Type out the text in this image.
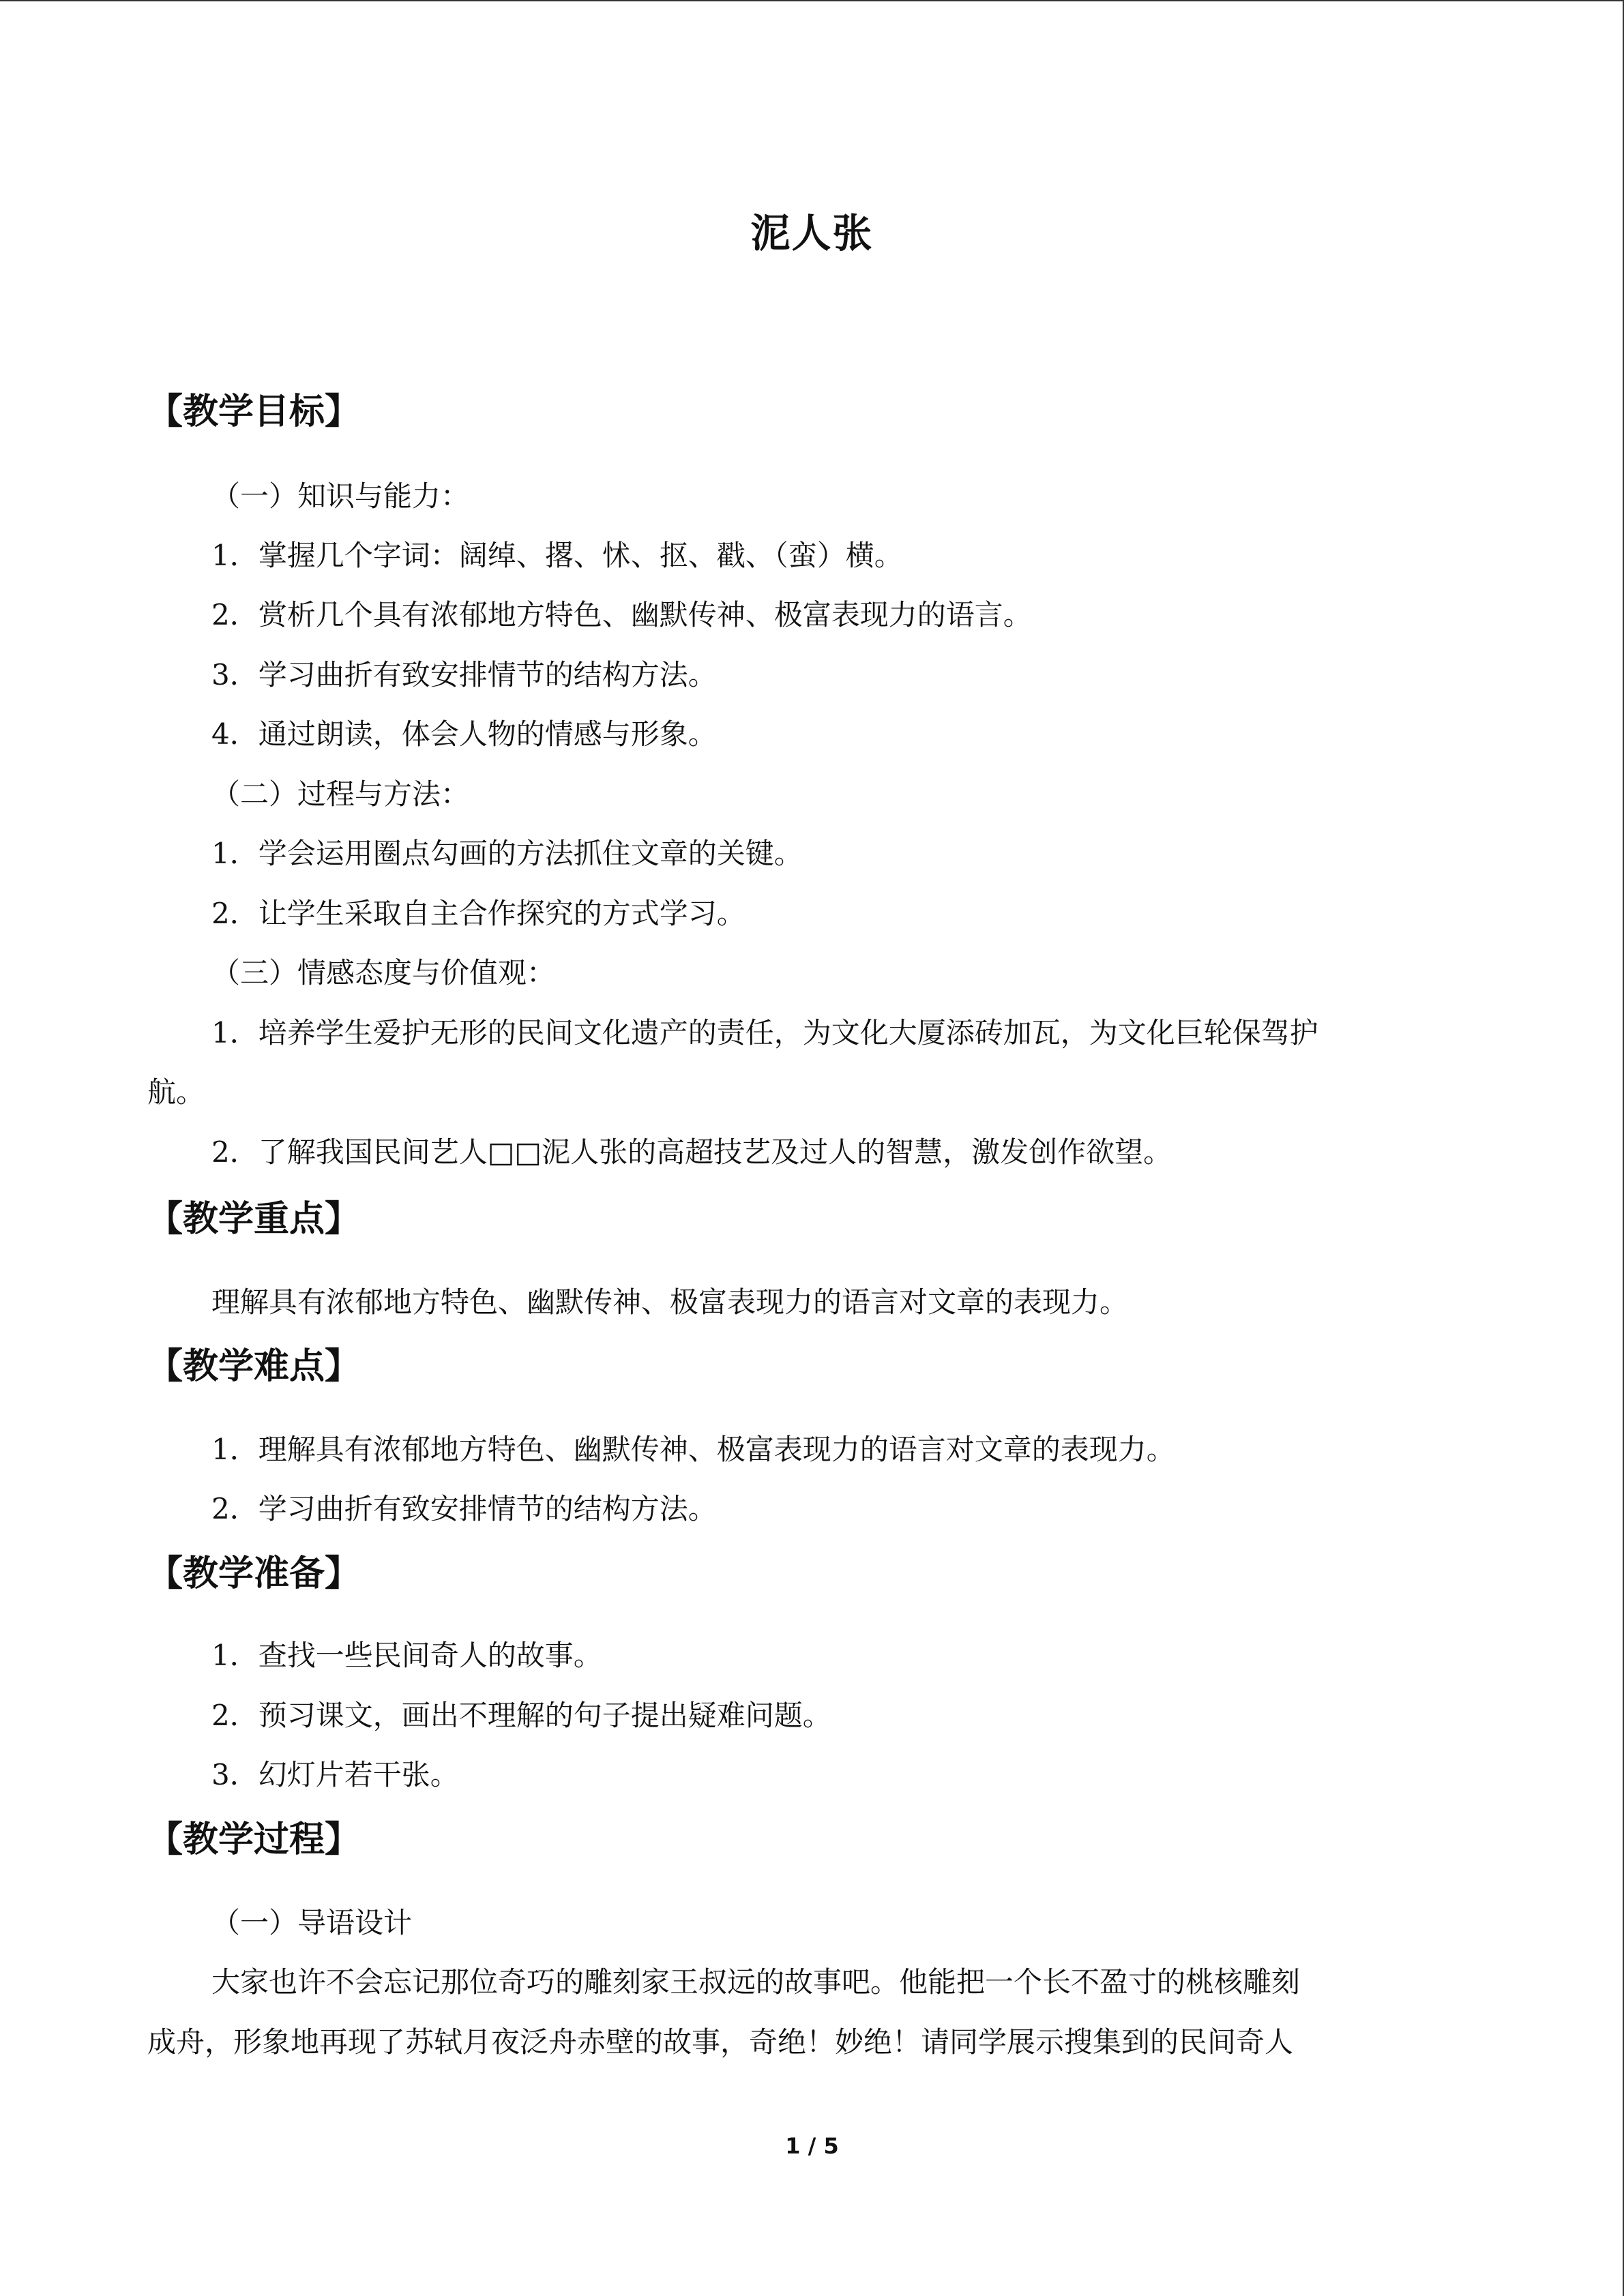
泥人张
【教学目标】
（一）知识与能力：
1．掌握几个字词：阔绰、撂、怵、抠、戳、（蛮）横。
2．赏析几个具有浓郁地方特色、幽默传神、极富表现力的语言。
3．学习曲折有致安排情节的结构方法。
4．通过朗读，体会人物的情感与形象。
（二）过程与方法：
1．学会运用圈点勾画的方法抓住文章的关键。
2．让学生采取自主合作探究的方式学习。
（三）情感态度与价值观：
1．培养学生爱护无形的民间文化遗产的责任，为文化大厦添砖加瓦，为文化巨轮保驾护
航。
2．了解我国民间艺人□□泥人张的高超技艺及过人的智慧，激发创作欲望。
【教学重点】
理解具有浓郁地方特色、幽默传神、极富表现力的语言对文章的表现力。
【教学难点】
1．理解具有浓郁地方特色、幽默传神、极富表现力的语言对文章的表现力。
2．学习曲折有致安排情节的结构方法。
【教学准备】
1．查找一些民间奇人的故事。
2．预习课文，画出不理解的句子提出疑难问题。
3．幻灯片若干张。
【教学过程】
（一）导语设计
大家也许不会忘记那位奇巧的雕刻家王叔远的故事吧。他能把一个长不盈寸的桃核雕刻
成舟，形象地再现了苏轼月夜泛舟赤壁的故事，奇绝！妙绝！请同学展示搜集到的民间奇人
1 / 5
